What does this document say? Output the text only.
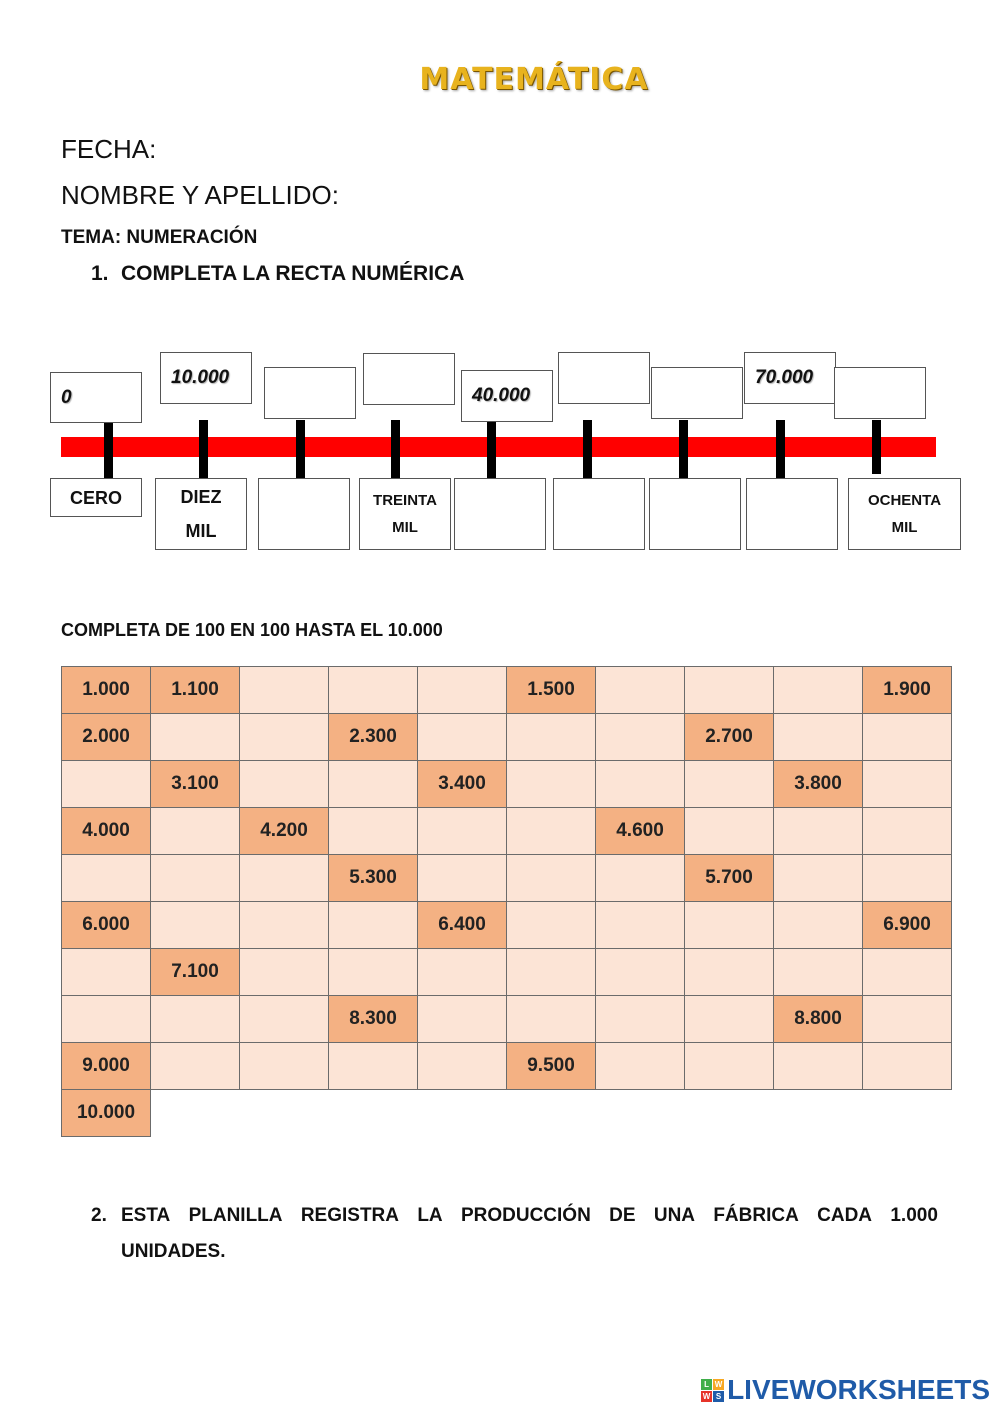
MATEMÁTICA
FECHA:
NOMBRE Y APELLIDO:
TEMA: NUMERACIÓN
1. COMPLETA LA RECTA NUMÉRICA
0
10.000
40.000
70.000
CERO	DIEZ
MIL
TREINTA
MIL
OCHENTA
MIL
COMPLETA DE 100 EN 100 HASTA EL 10.000
1.000	1.100				1.500				1.900
2.000			2.300				2.700		
	3.100			3.400				3.800	
4.000		4.200				4.600			
			5.300				5.700		
6.000				6.400					6.900
	7.100								
			8.300					8.800	
9.000					9.500				
10.000									
2. ESTA PLANILLA REGISTRA LA PRODUCCIÓN DE UNA FÁBRICA CADA 1.000
UNIDADES.
L W
W S LIVEWORKSHEETS
